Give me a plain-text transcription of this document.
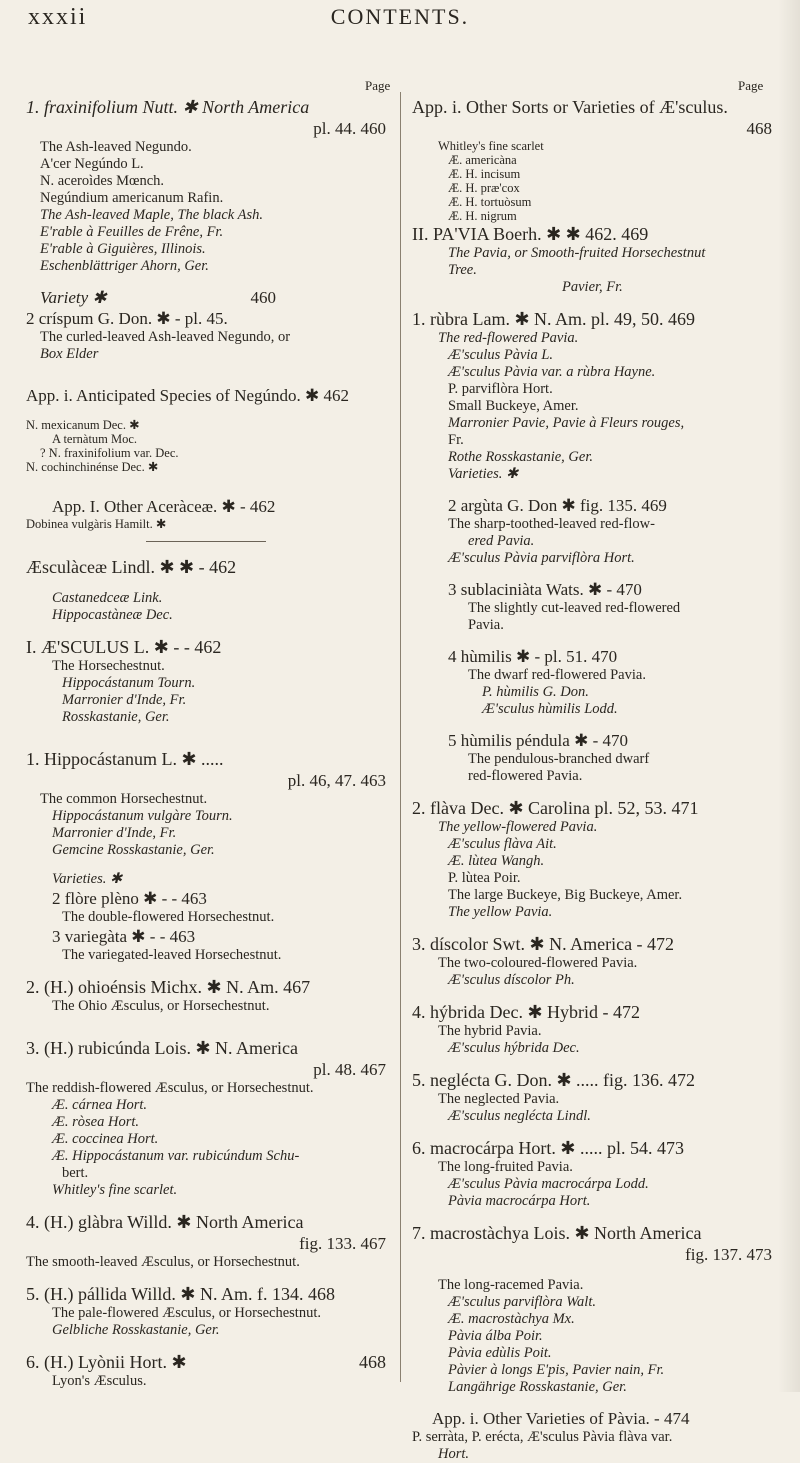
xxxii	CONTENTS.
Page	Page
1. fraxinifolium Nutt. ✱ North America
pl. 44. 460
The Ash-leaved Negundo.
A'cer Negúndo L.
N. aceroìdes Mœnch.
Negúndium americanum Rafin.
The Ash-leaved Maple, The black Ash.
E'rable à Feuilles de Frêne, Fr.
E'rable à Giguières, Illinois.
Eschenblättriger Ahorn, Ger.
Variety ✱	460
2 críspum G. Don. ✱ - pl. 45.
The curled-leaved Ash-leaved Negundo, or
Box Elder
App. i. Anticipated Species of Negúndo. ✱ 462
N. mexicanum Dec. ✱
A ternàtum Moc.
? N. fraxinifolium var. Dec.
N. cochinchinénse Dec. ✱
App. I. Other Aceràceæ. ✱ - 462
Dobinea vulgàris Hamilt. ✱
Æsculàceæ Lindl. ✱ ✱ - 462
Castanedceæ Link.
Hippocastàneæ Dec.
I. Æ'SCULUS L. ✱ - - 462
The Horsechestnut.
Hippocástanum Tourn.
Marronier d'Inde, Fr.
Rosskastanie, Ger.
1. Hippocástanum L. ✱ .....
pl. 46, 47. 463
The common Horsechestnut.
Hippocástanum vulgàre Tourn.
Marronier d'Inde, Fr.
Gemcine Rosskastanie, Ger.
Varieties. ✱
2 flòre plèno ✱ - - 463
The double-flowered Horsechestnut.
3 variegàta ✱ - - 463
The variegated-leaved Horsechestnut.
2. (H.) ohioénsis Michx. ✱ N. Am. 467
The Ohio Æsculus, or Horsechestnut.
3. (H.) rubicúnda Lois. ✱ N. America
pl. 48. 467
The reddish-flowered Æsculus, or Horsechestnut.
Æ. cárnea Hort.
Æ. ròsea Hort.
Æ. coccinea Hort.
Æ. Hippocástanum var. rubicúndum Schu-
bert.
Whitley's fine scarlet.
4. (H.) glàbra Willd. ✱ North America
fig. 133. 467
The smooth-leaved Æsculus, or Horsechestnut.
5. (H.) pállida Willd. ✱ N. Am. f. 134. 468
The pale-flowered Æsculus, or Horsechestnut.
Gelbliche Rosskastanie, Ger.
6. (H.) Lyònii Hort. ✱	468
Lyon's Æsculus.
App. i. Other Sorts or Varieties of Æ'sculus.
468
Whitley's fine scarlet
Æ. americàna
Æ. H. incisum
Æ. H. præ'cox
Æ. H. tortuòsum
Æ. H. nigrum
II. PA'VIA Boerh. ✱ ✱ 462. 469
The Pavia, or Smooth-fruited Horsechestnut
Tree.
Pavier, Fr.
1. rùbra Lam. ✱ N. Am. pl. 49, 50. 469
The red-flowered Pavia.
Æ'sculus Pàvia L.
Æ'sculus Pàvia var. a rùbra Hayne.
P. parviflòra Hort.
Small Buckeye, Amer.
Marronier Pavie, Pavie à Fleurs rouges,
Fr.
Rothe Rosskastanie, Ger.
Varieties. ✱
2 argùta G. Don ✱ fig. 135. 469
The sharp-toothed-leaved red-flow-
ered Pavia.
Æ'sculus Pàvia parviflòra Hort.
3 sublaciniàta Wats. ✱ - 470
The slightly cut-leaved red-flowered
Pavia.
4 hùmilis ✱ - pl. 51. 470
The dwarf red-flowered Pavia.
P. hùmilis G. Don.
Æ'sculus hùmilis Lodd.
5 hùmilis péndula ✱ - 470
The pendulous-branched dwarf
red-flowered Pavia.
2. flàva Dec. ✱ Carolina pl. 52, 53. 471
The yellow-flowered Pavia.
Æ'sculus flàva Ait.
Æ. lùtea Wangh.
P. lùtea Poir.
The large Buckeye, Big Buckeye, Amer.
The yellow Pavia.
3. díscolor Swt. ✱ N. America - 472
The two-coloured-flowered Pavia.
Æ'sculus díscolor Ph.
4. hýbrida Dec. ✱ Hybrid - 472
The hybrid Pavia.
Æ'sculus hýbrida Dec.
5. neglécta G. Don. ✱ ..... fig. 136. 472
The neglected Pavia.
Æ'sculus neglécta Lindl.
6. macrocárpa Hort. ✱ ..... pl. 54. 473
The long-fruited Pavia.
Æ'sculus Pàvia macrocárpa Lodd.
Pàvia macrocárpa Hort.
7. macrostàchya Lois. ✱ North America
fig. 137. 473
The long-racemed Pavia.
Æ'sculus parviflòra Walt.
Æ. macrostàchya Mx.
Pàvia álba Poir.
Pàvia edùlis Poit.
Pàvier à longs E'pis, Pavier nain, Fr.
Langährige Rosskastanie, Ger.
App. i. Other Varieties of Pàvia. - 474
P. serràta, P. erécta, Æ'sculus Pàvia flàva var.
Hort.
